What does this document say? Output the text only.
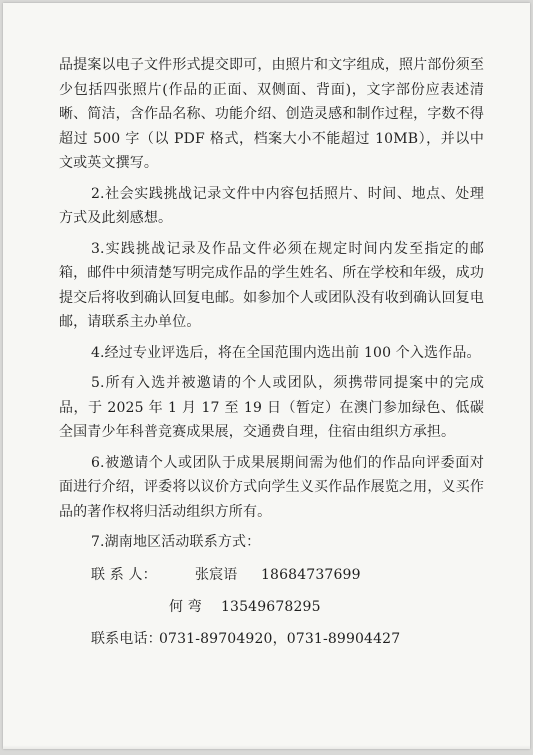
品提案以电子文件形式提交即可，由照片和文字组成，照片部份须至少包括四张照片(作品的正面、双侧面、背面)，文字部份应表述清晰、简洁，含作品名称、功能介绍、创造灵感和制作过程，字数不得超过 500 字（以 PDF 格式，档案大小不能超过 10MB），并以中文或英文撰写。

2.社会实践挑战记录文件中内容包括照片、时间、地点、处理方式及此刻感想。

3.实践挑战记录及作品文件必须在规定时间内发至指定的邮箱，邮件中须清楚写明完成作品的学生姓名、所在学校和年级，成功提交后将收到确认回复电邮。如参加个人或团队没有收到确认回复电邮，请联系主办单位。

4.经过专业评选后，将在全国范围内选出前 100 个入选作品。

5.所有入选并被邀请的个人或团队，须携带同提案中的完成品，于 2025 年 1 月 17 至 19 日（暂定）在澳门参加绿色、低碳全国青少年科普竞赛成果展，交通费自理，住宿由组织方承担。

6.被邀请个人或团队于成果展期间需为他们的作品向评委面对面进行介绍，评委将以议价方式向学生义买作品作展览之用，义买作品的著作权将归活动组织方所有。

7.湖南地区活动联系方式：

联 系 人：	张宸语	18684737699
何 弯	13549678295
联系电话：
0731-89704920，0731-89904427
